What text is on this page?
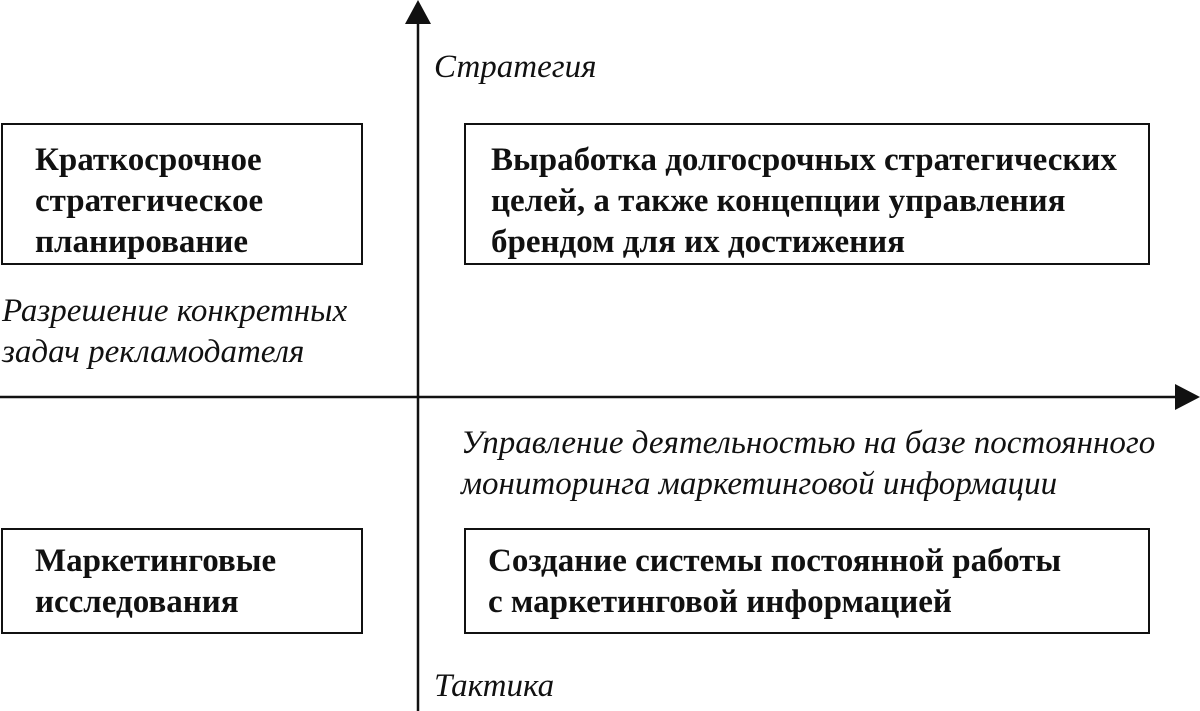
Стратегия
Тактика
Разрешение конкретных
задач рекламодателя
Управление деятельностью на базе постоянного
мониторинга маркетинговой информации
Краткосрочное
стратегическое
планирование
Выработка долгосрочных стратегических
целей, а также концепции управления
брендом для их достижения
Маркетинговые
исследования
Создание системы постоянной работы
с маркетинговой информацией
